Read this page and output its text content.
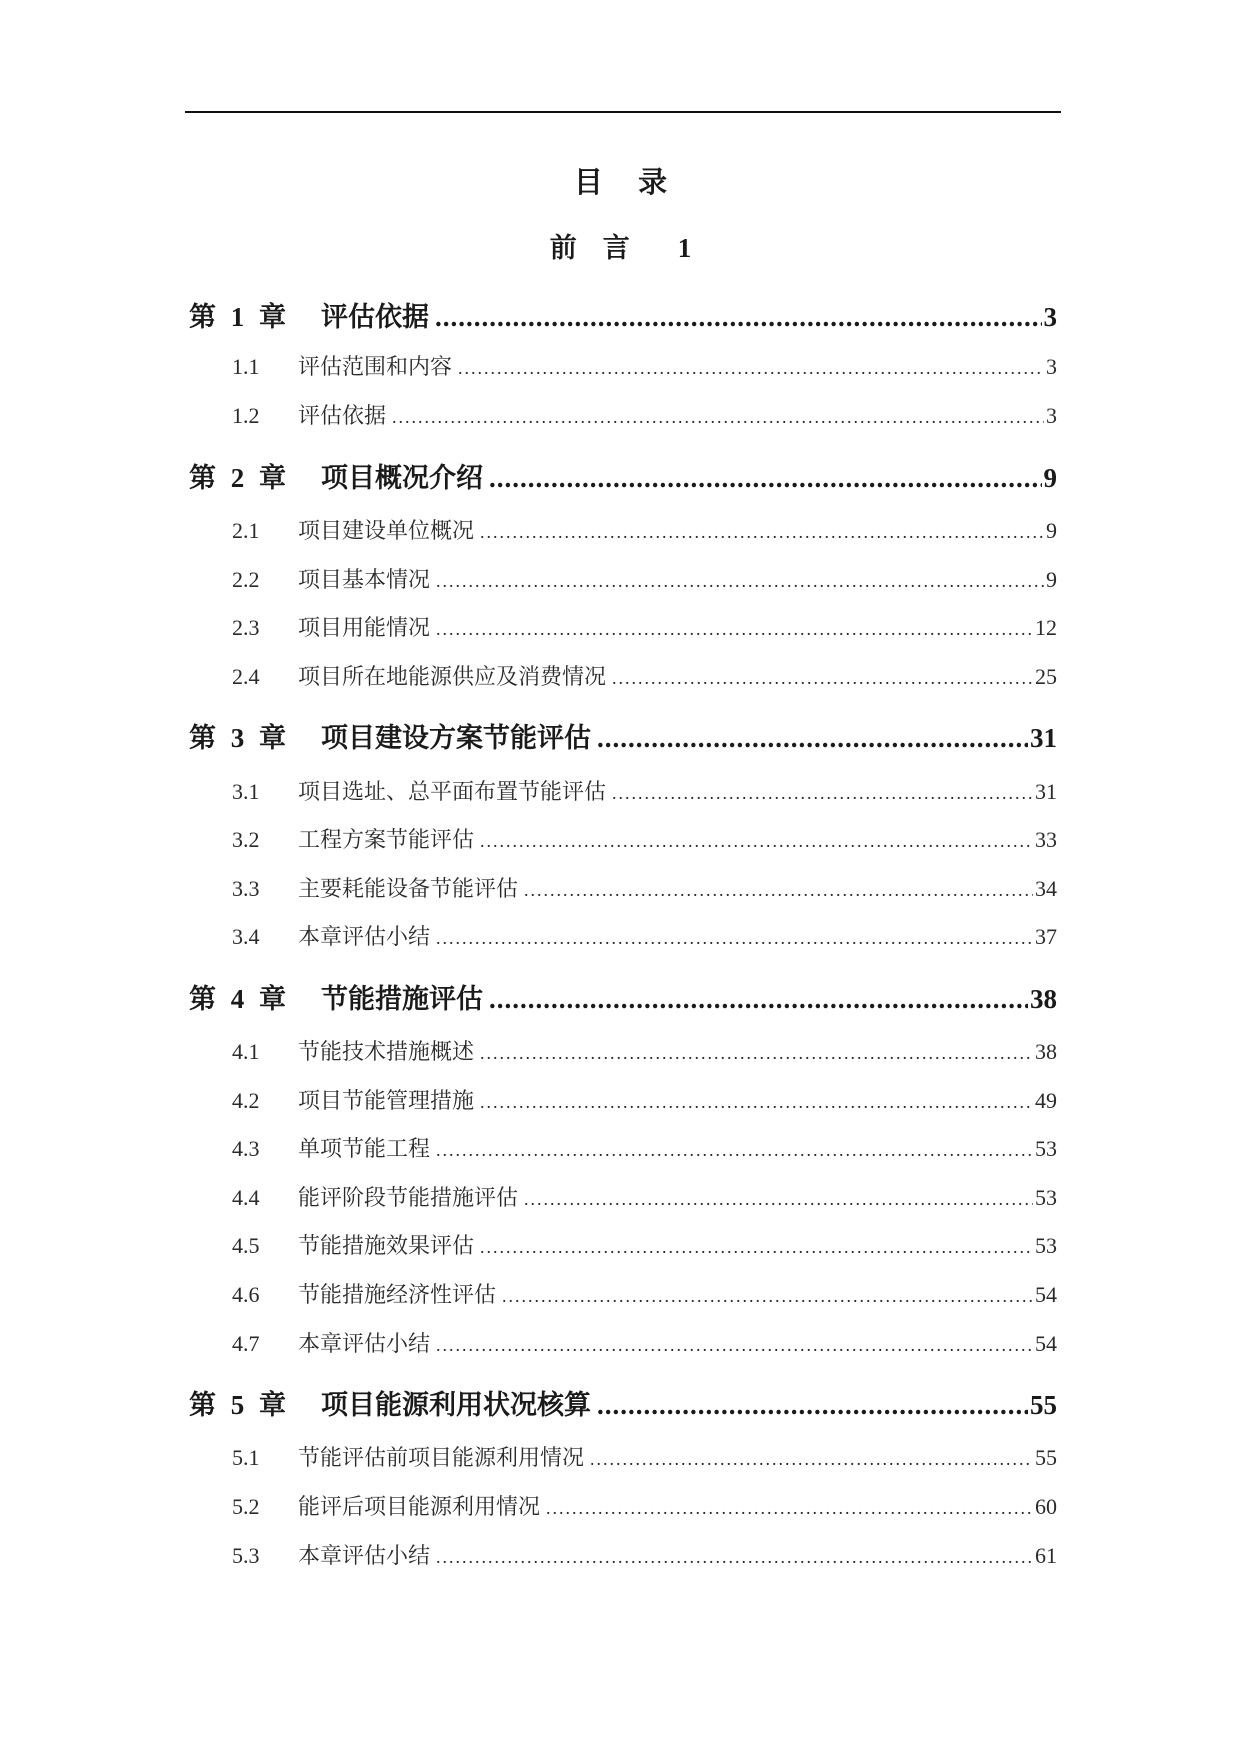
目 录
前言 1
第 1 章	评估依据 .....	3
1.1	评估范围和内容 .....	3
1.2	评估依据 .....	3
第 2 章	项目概况介绍 .....	9
2.1	项目建设单位概况 .....	9
2.2	项目基本情况 .....	9
2.3	项目用能情况 .....	12
2.4	项目所在地能源供应及消费情况 .....	25
第 3 章	项目建设方案节能评估 .....	31
3.1	项目选址、总平面布置节能评估 .....	31
3.2	工程方案节能评估 .....	33
3.3	主要耗能设备节能评估 .....	34
3.4	本章评估小结 .....	37
第 4 章	节能措施评估 .....	38
4.1	节能技术措施概述 .....	38
4.2	项目节能管理措施 .....	49
4.3	单项节能工程 .....	53
4.4	能评阶段节能措施评估 .....	53
4.5	节能措施效果评估 .....	53
4.6	节能措施经济性评估 .....	54
4.7	本章评估小结 .....	54
第 5 章	项目能源利用状况核算 .....	55
5.1	节能评估前项目能源利用情况 .....	55
5.2	能评后项目能源利用情况 .....	60
5.3	本章评估小结 .....	61
